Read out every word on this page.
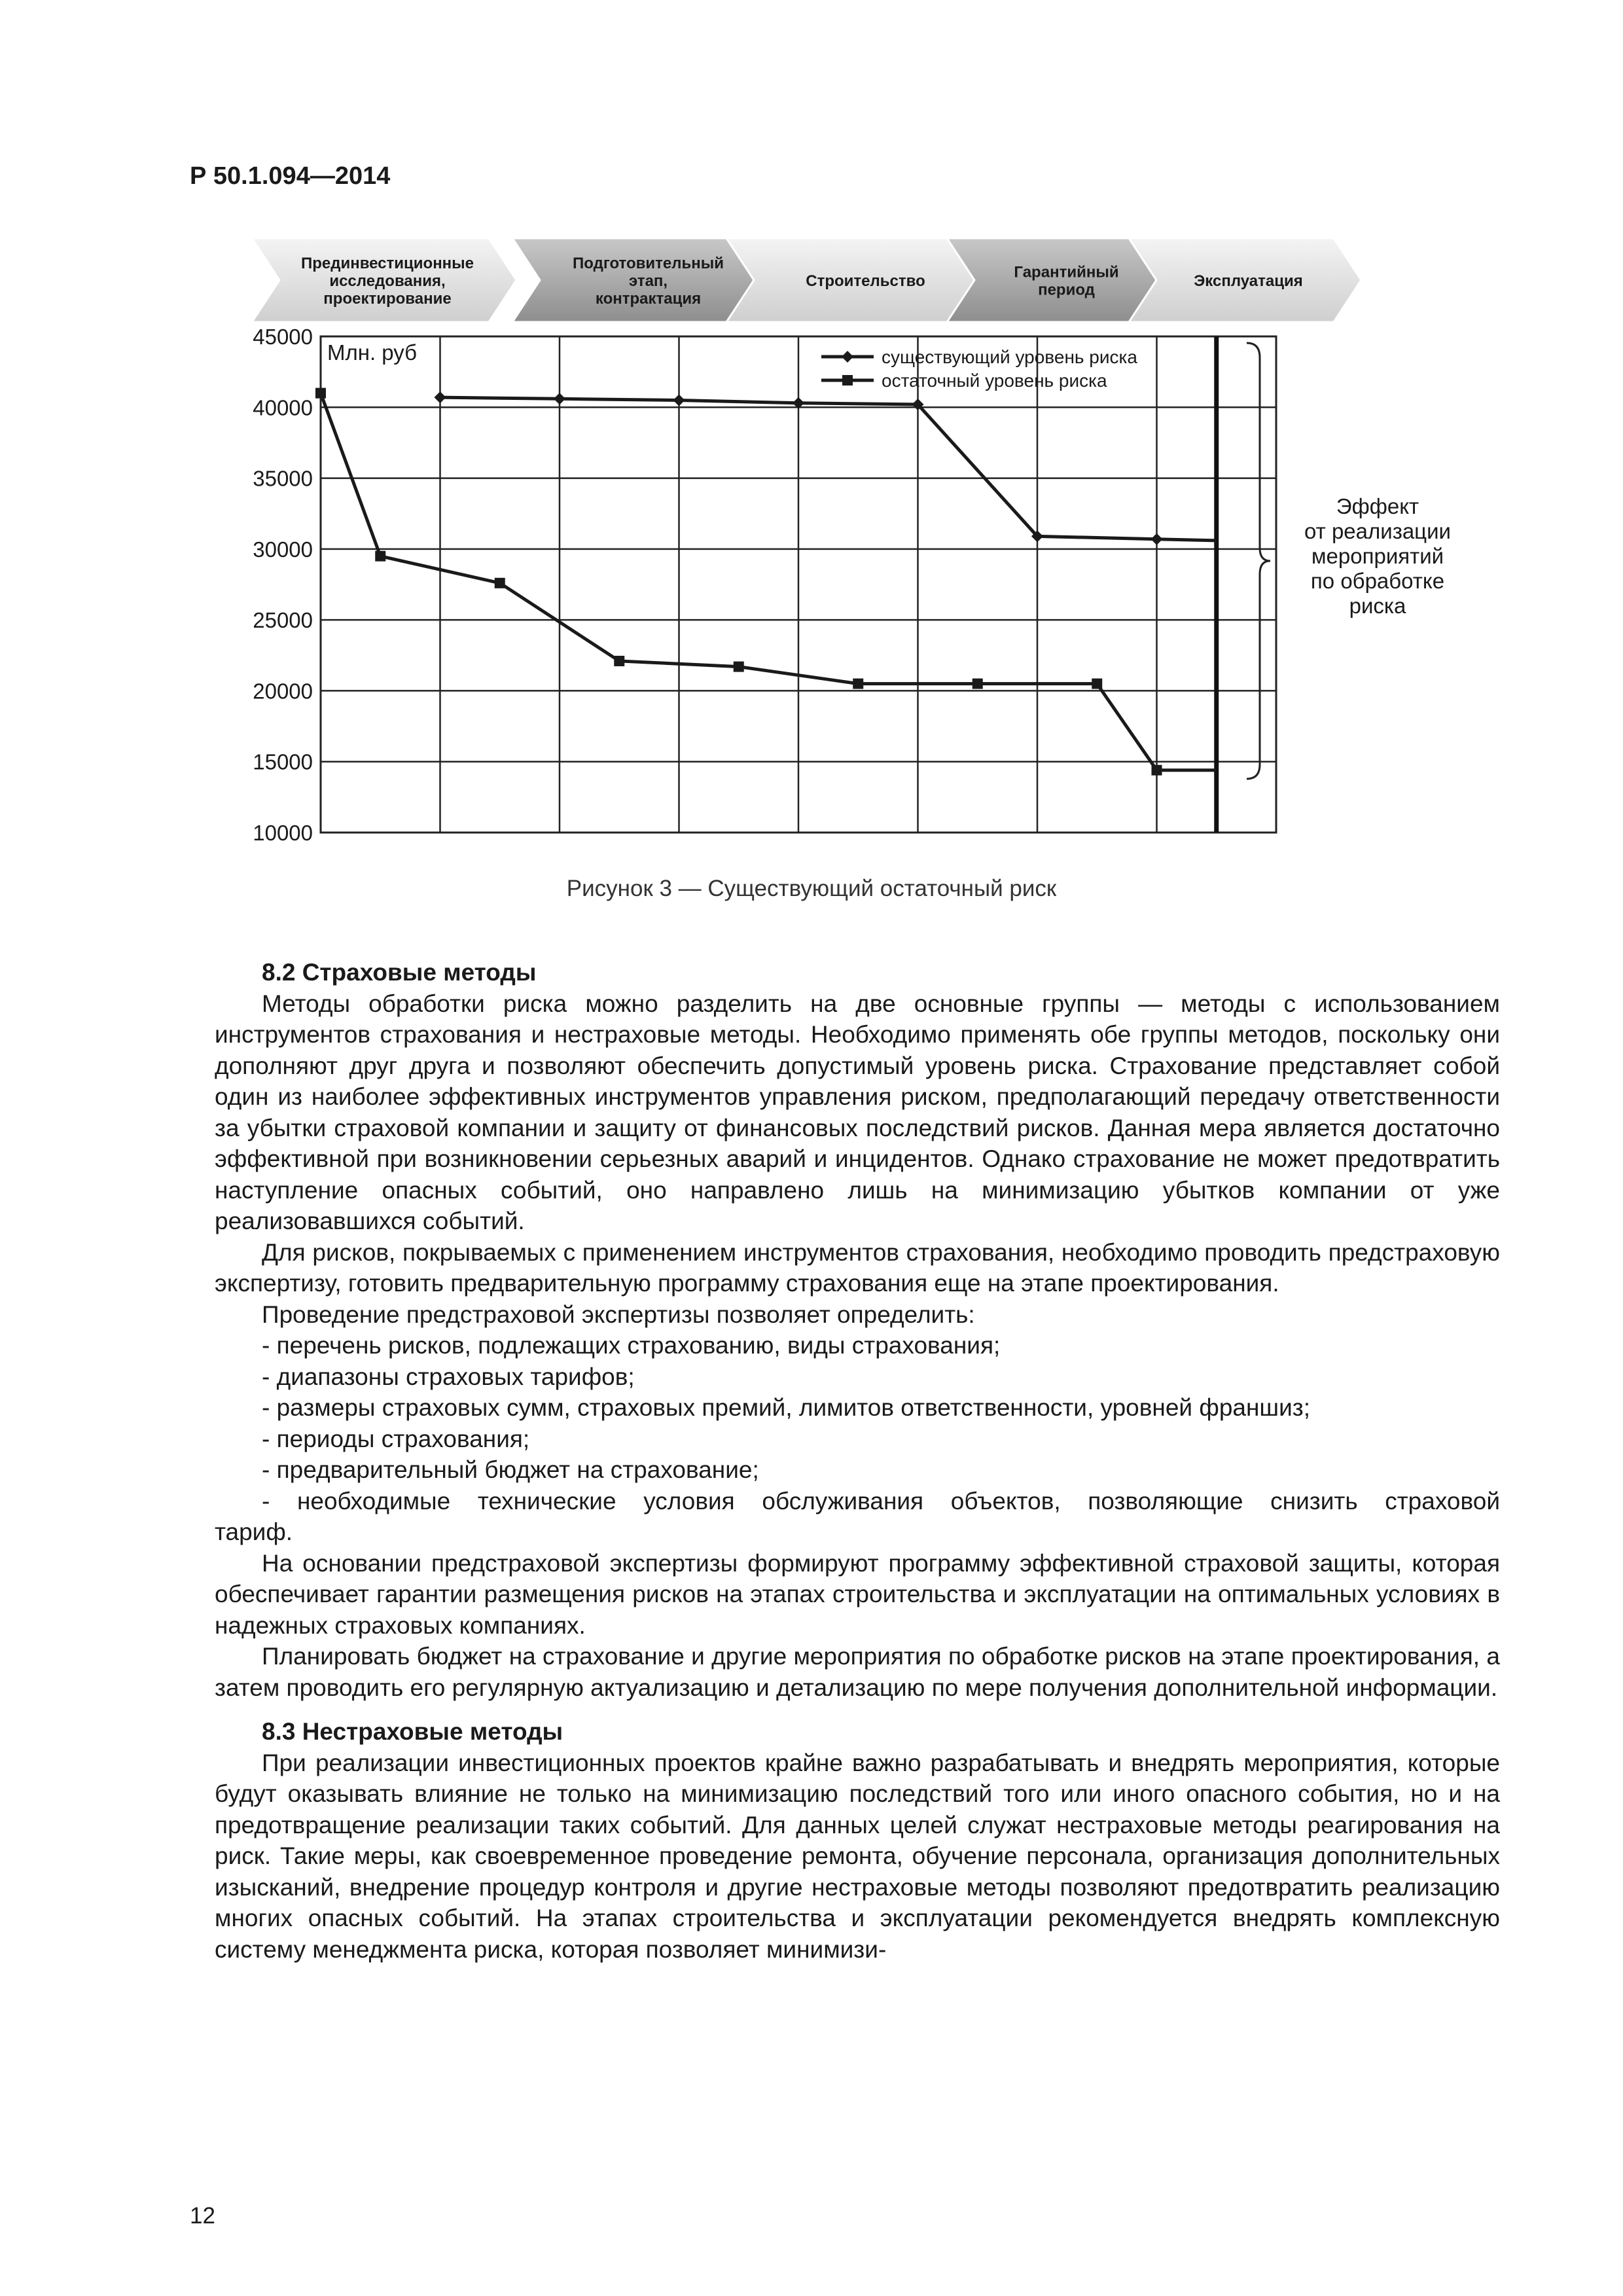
Р 50.1.094—2014
Прединвестиционные
исследования,
проектирование
Подготовительный
этап,
контрактация
Строительство	Гарантийный
период	Эксплуатация
45000
40000
35000
30000
25000
20000
15000
10000
Млн. руб	существующий уровень риска
остаточный уровень риска
Эффект
от реализации
мероприятий
по обработке
риска
Рисунок 3 — Существующий остаточный риск
8.2 Страховые методы

Методы обработки риска можно разделить на две основные группы — методы с использованием инструментов страхования и нестраховые методы. Необходимо применять обе группы методов, поскольку они дополняют друг друга и позволяют обеспечить допустимый уровень риска. Страхование представляет собой один из наиболее эффективных инструментов управления риском, предполагающий передачу ответственности за убытки страховой компании и защиту от финансовых последствий рисков. Данная мера является достаточно эффективной при возникновении серьезных аварий и инцидентов. Однако страхование не может предотвратить наступление опасных событий, оно направлено лишь на минимизацию убытков компании от уже реализовавшихся событий.

Для рисков, покрываемых с применением инструментов страхования, необходимо проводить предстраховую экспертизу, готовить предварительную программу страхования еще на этапе проектирования.

Проведение предстраховой экспертизы позволяет определить:

- перечень рисков, подлежащих страхованию, виды страхования;
- диапазоны страховых тарифов;
- размеры страховых сумм, страховых премий, лимитов ответственности, уровней франшиз;
- периоды страхования;
- предварительный бюджет на страхование;

- необходимые технические условия обслуживания объектов, позволяющие снизить страховой

тариф.

На основании предстраховой экспертизы формируют программу эффективной страховой защиты, которая обеспечивает гарантии размещения рисков на этапах строительства и эксплуатации на оптимальных условиях в надежных страховых компаниях.

Планировать бюджет на страхование и другие мероприятия по обработке рисков на этапе проектирования, а затем проводить его регулярную актуализацию и детализацию по мере получения дополнительной информации.

8.3 Нестраховые методы

При реализации инвестиционных проектов крайне важно разрабатывать и внедрять мероприятия, которые будут оказывать влияние не только на минимизацию последствий того или иного опасного события, но и на предотвращение реализации таких событий. Для данных целей служат нестраховые методы реагирования на риск. Такие меры, как своевременное проведение ремонта, обучение персонала, организация дополнительных изысканий, внедрение процедур контроля и другие нестраховые методы позволяют предотвратить реализацию многих опасных событий. На этапах строительства и эксплуатации рекомендуется внедрять комплексную систему менеджмента риска, которая позволяет минимизи-

12
